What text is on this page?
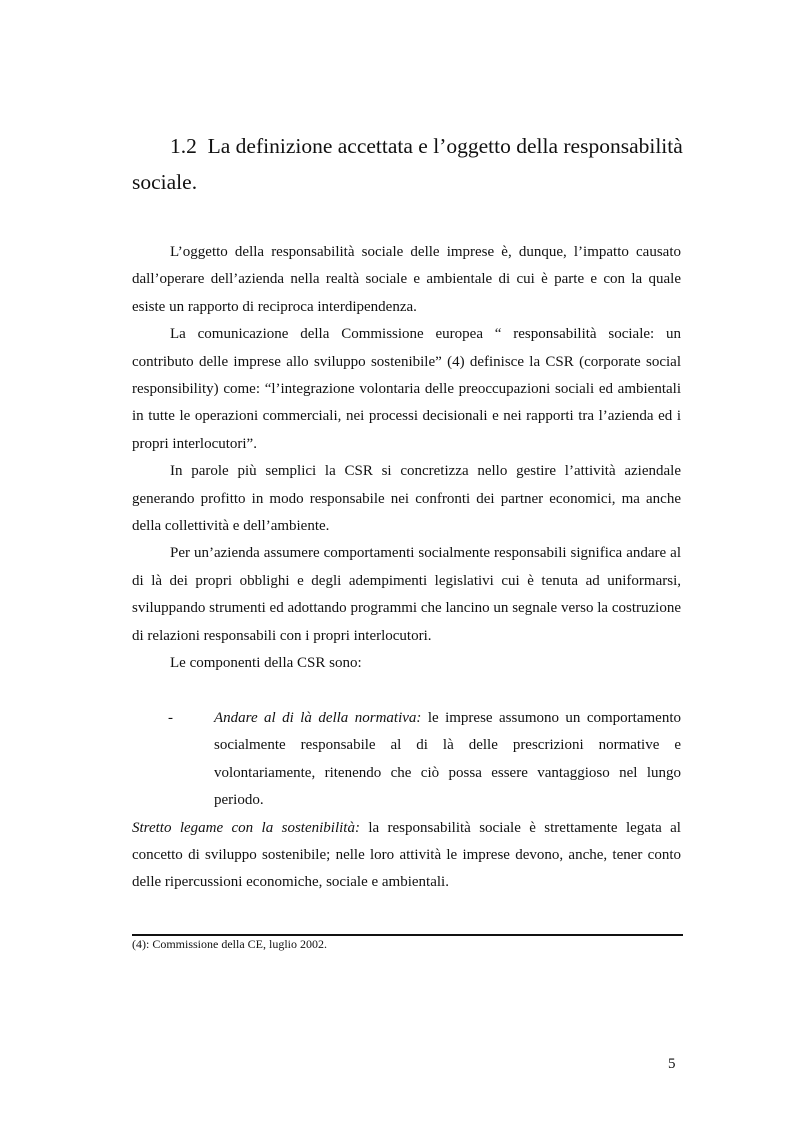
1.2 La definizione accettata e l’oggetto della responsabilità sociale.

L’oggetto della responsabilità sociale delle imprese è, dunque, l’impatto causato dall’operare dell’azienda nella realtà sociale e ambientale di cui è parte e con la quale esiste un rapporto di reciproca interdipendenza.

La comunicazione della Commissione europea “ responsabilità sociale: un contributo delle imprese allo sviluppo sostenibile” (4) definisce la CSR (corporate social responsibility) come: “l’integrazione volontaria delle preoccupazioni sociali ed ambientali in tutte le operazioni commerciali, nei processi decisionali e nei rapporti tra l’azienda ed i propri interlocutori”.

In parole più semplici la CSR si concretizza nello gestire l’attività aziendale generando profitto in modo responsabile nei confronti dei partner economici, ma anche della collettività e dell’ambiente.

Per un’azienda assumere comportamenti socialmente responsabili significa andare al di là dei propri obblighi e degli adempimenti legislativi cui è tenuta ad uniformarsi, sviluppando strumenti ed adottando programmi che lancino un segnale verso la costruzione di relazioni responsabili con i propri interlocutori.

Le componenti della CSR sono:

-	Andare al di là della normativa: le imprese assumono un comportamento socialmente responsabile al di là delle prescrizioni normative e volontariamente, ritenendo che ciò possa essere vantaggioso nel lungo periodo.

Stretto legame con la sostenibilità: la responsabilità sociale è strettamente legata al concetto di sviluppo sostenibile; nelle loro attività le imprese devono, anche, tener conto delle ripercussioni economiche, sociale e ambientali.

(4): Commissione della CE, luglio 2002.
5
